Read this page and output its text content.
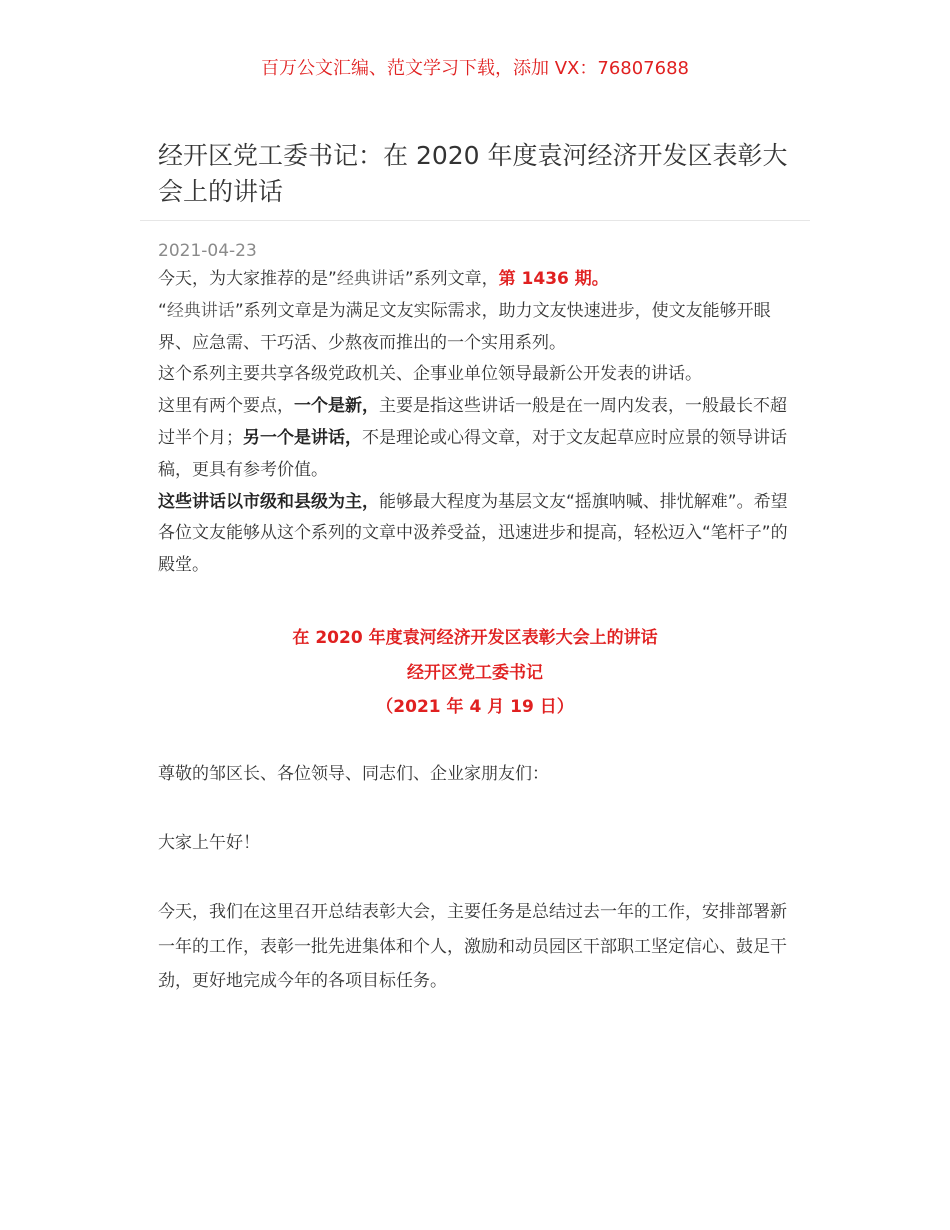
百万公文汇编、范文学习下载，添加 VX：76807688
经开区党工委书记：在 2020 年度袁河经济开发区表彰大会上的讲话
2021-04-23

今天，为大家推荐的是”经典讲话”系列文章，第 1436 期。

“经典讲话”系列文章是为满足文友实际需求，助力文友快速进步，使文友能够开眼界、应急需、干巧活、少熬夜而推出的一个实用系列。

这个系列主要共享各级党政机关、企事业单位领导最新公开发表的讲话。

这里有两个要点，一个是新，主要是指这些讲话一般是在一周内发表，一般最长不超过半个月；另一个是讲话，不是理论或心得文章，对于文友起草应时应景的领导讲话稿，更具有参考价值。

这些讲话以市级和县级为主，能够最大程度为基层文友“摇旗呐喊、排忧解难”。希望各位文友能够从这个系列的文章中汲养受益，迅速进步和提高，轻松迈入“笔杆子”的殿堂。

在 2020 年度袁河经济开发区表彰大会上的讲话
经开区党工委书记
（2021 年 4 月 19 日）

尊敬的邹区长、各位领导、同志们、企业家朋友们：

大家上午好！

今天，我们在这里召开总结表彰大会，主要任务是总结过去一年的工作，安排部署新一年的工作，表彰一批先进集体和个人，激励和动员园区干部职工坚定信心、鼓足干劲，更好地完成今年的各项目标任务。
